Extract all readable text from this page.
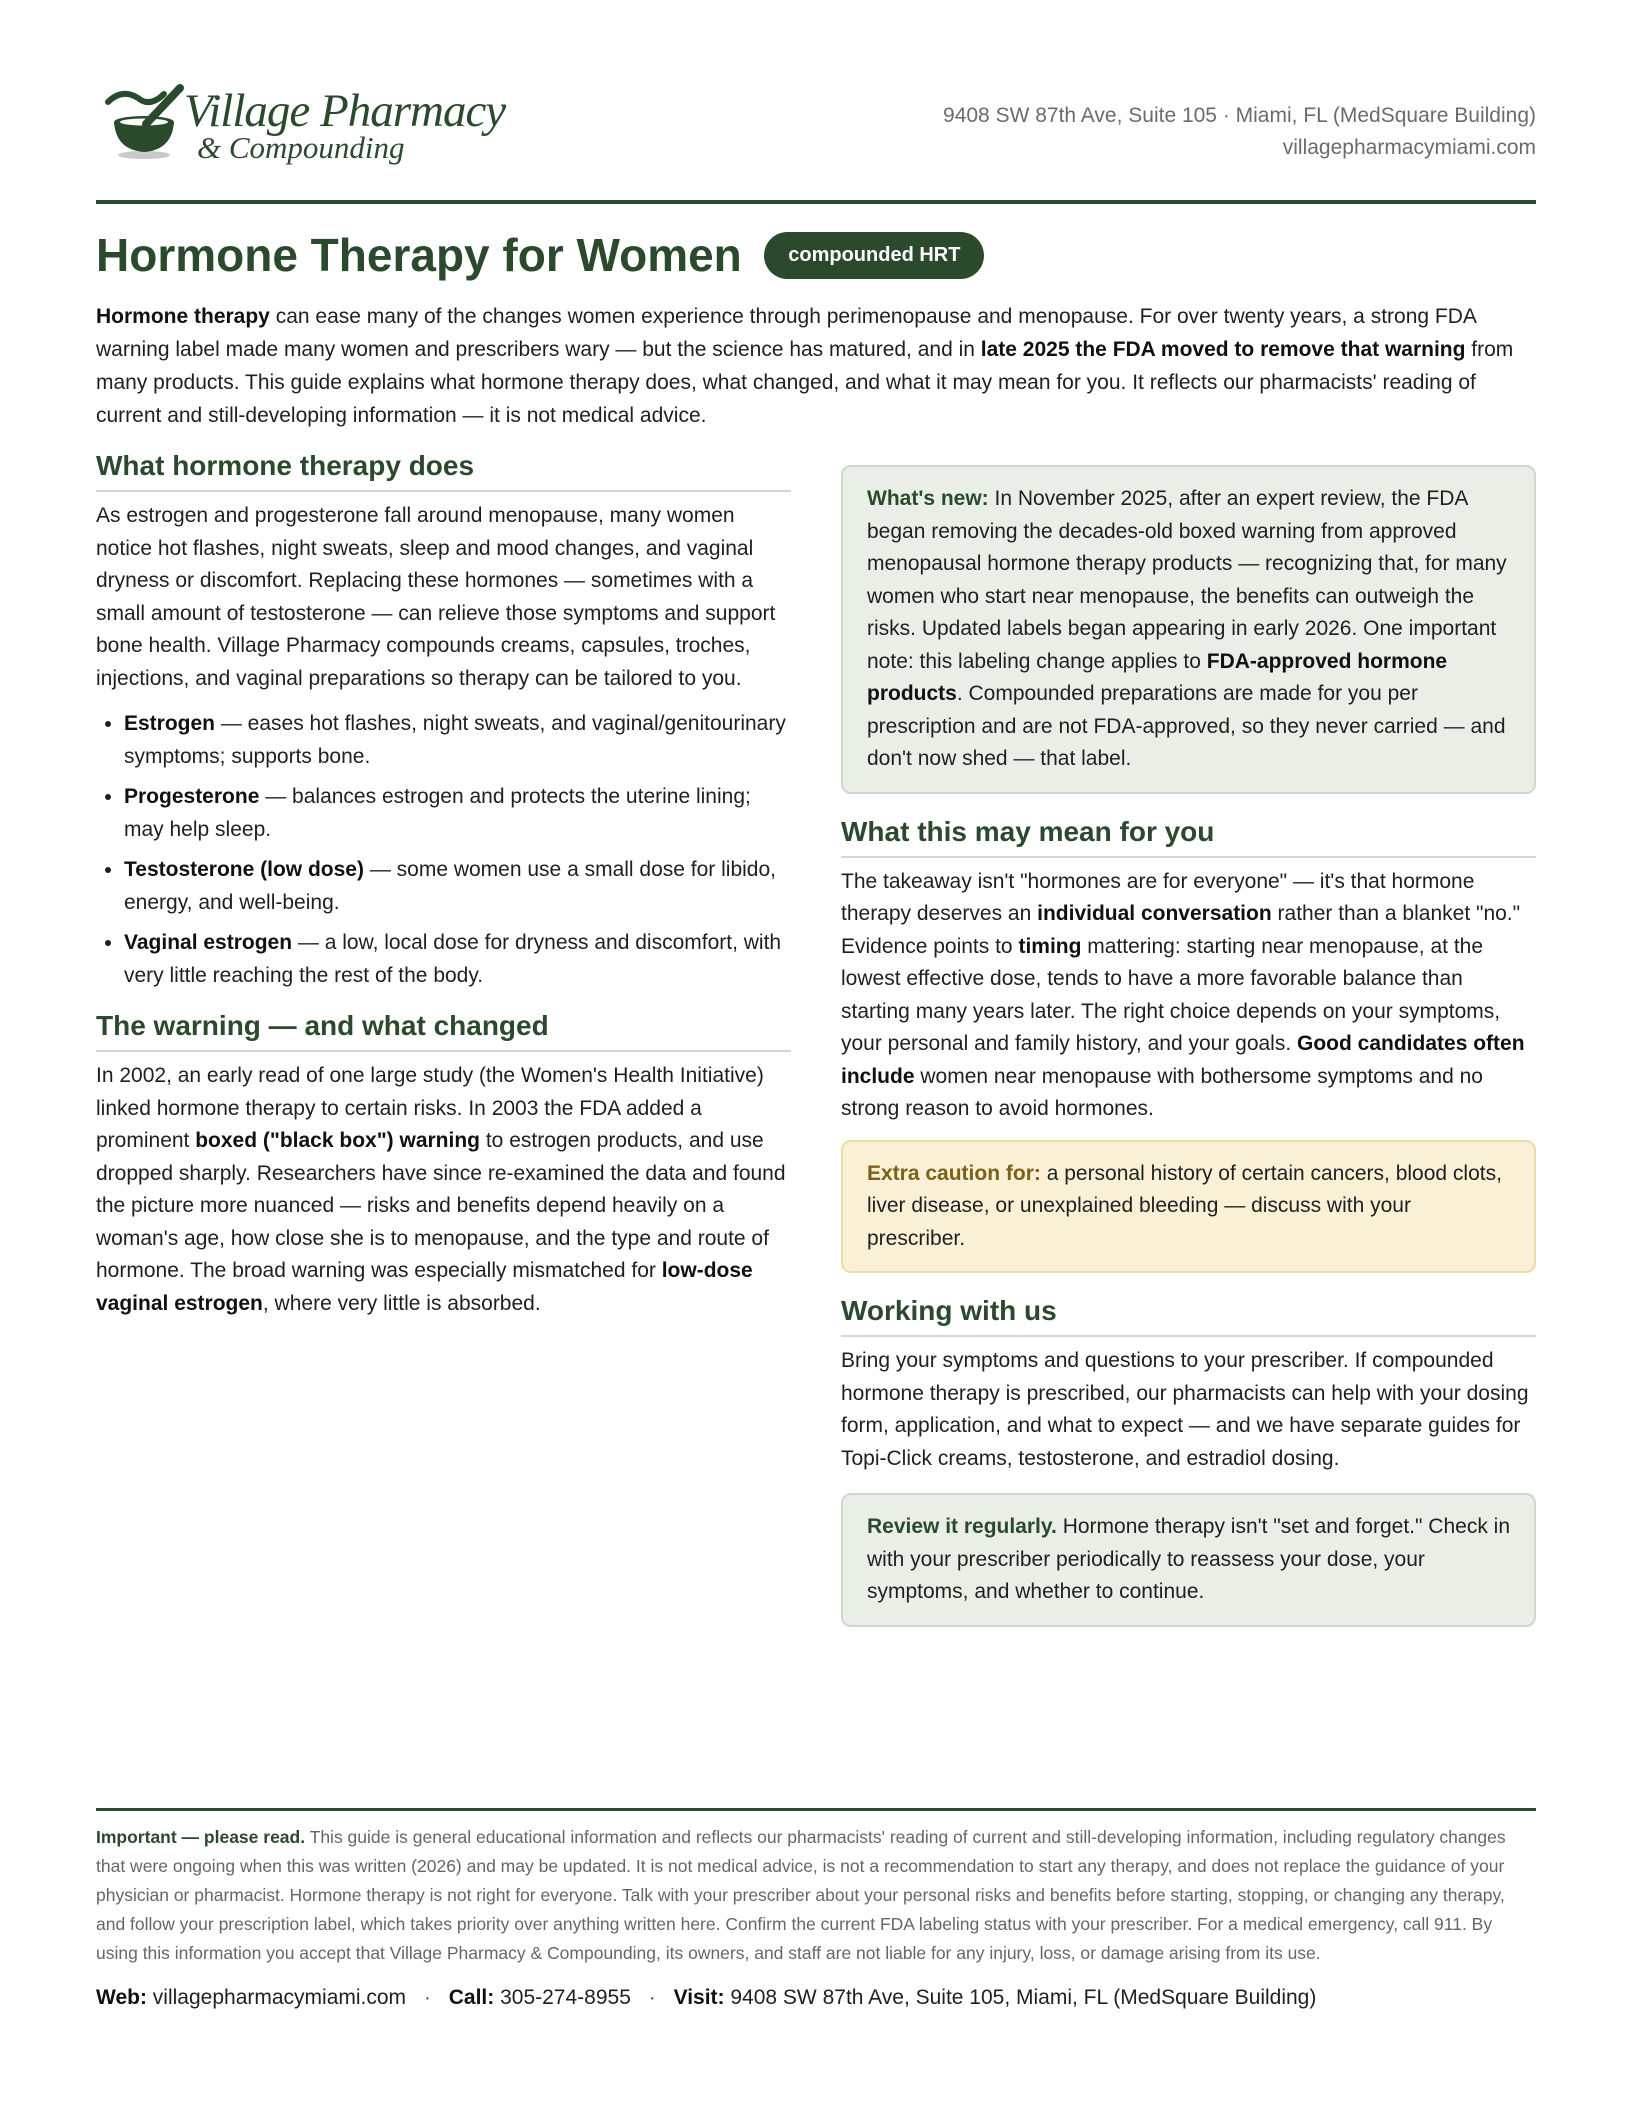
Village Pharmacy
& Compounding
9408 SW 87th Ave, Suite 105 · Miami, FL (MedSquare Building)
villagepharmacymiami.com
Hormone Therapy for Women compounded HRT

Hormone therapy can ease many of the changes women experience through perimenopause and menopause. For over twenty years, a strong FDA warning label made many women and prescribers wary — but the science has matured, and in late 2025 the FDA moved to remove that warning from many products. This guide explains what hormone therapy does, what changed, and what it may mean for you. It reflects our pharmacists' reading of current and still-developing information — it is not medical advice.

What hormone therapy does

As estrogen and progesterone fall around menopause, many women notice hot flashes, night sweats, sleep and mood changes, and vaginal dryness or discomfort. Replacing these hormones — sometimes with a small amount of testosterone — can relieve those symptoms and support bone health. Village Pharmacy compounds creams, capsules, troches, injections, and vaginal preparations so therapy can be tailored to you.

• Estrogen — eases hot flashes, night sweats, and vaginal/genitourinary symptoms; supports bone.
• Progesterone — balances estrogen and protects the uterine lining; may help sleep.
• Testosterone (low dose) — some women use a small dose for libido, energy, and well-being.
• Vaginal estrogen — a low, local dose for dryness and discomfort, with very little reaching the rest of the body.
The warning — and what changed

In 2002, an early read of one large study (the Women's Health Initiative) linked hormone therapy to certain risks. In 2003 the FDA added a prominent boxed ("black box") warning to estrogen products, and use dropped sharply. Researchers have since re-examined the data and found the picture more nuanced — risks and benefits depend heavily on a woman's age, how close she is to menopause, and the type and route of hormone. The broad warning was especially mismatched for low-dose vaginal estrogen, where very little is absorbed.

What's new: In November 2025, after an expert review, the FDA began removing the decades-old boxed warning from approved menopausal hormone therapy products — recognizing that, for many women who start near menopause, the benefits can outweigh the risks. Updated labels began appearing in early 2026. One important note: this labeling change applies to FDA-approved hormone products. Compounded preparations are made for you per prescription and are not FDA-approved, so they never carried — and don't now shed — that label.
What this may mean for you

The takeaway isn't "hormones are for everyone" — it's that hormone therapy deserves an individual conversation rather than a blanket "no." Evidence points to timing mattering: starting near menopause, at the lowest effective dose, tends to have a more favorable balance than starting many years later. The right choice depends on your symptoms, your personal and family history, and your goals. Good candidates often include women near menopause with bothersome symptoms and no strong reason to avoid hormones.

Extra caution for: a personal history of certain cancers, blood clots, liver disease, or unexplained bleeding — discuss with your prescriber.
Working with us

Bring your symptoms and questions to your prescriber. If compounded hormone therapy is prescribed, our pharmacists can help with your dosing form, application, and what to expect — and we have separate guides for Topi-Click creams, testosterone, and estradiol dosing.

Review it regularly. Hormone therapy isn't "set and forget." Check in with your prescriber periodically to reassess your dose, your symptoms, and whether to continue.
Important — please read. This guide is general educational information and reflects our pharmacists' reading of current and still-developing information, including regulatory changes that were ongoing when this was written (2026) and may be updated. It is not medical advice, is not a recommendation to start any therapy, and does not replace the guidance of your physician or pharmacist. Hormone therapy is not right for everyone. Talk with your prescriber about your personal risks and benefits before starting, stopping, or changing any therapy, and follow your prescription label, which takes priority over anything written here. Confirm the current FDA labeling status with your prescriber. For a medical emergency, call 911. By using this information you accept that Village Pharmacy & Compounding, its owners, and staff are not liable for any injury, loss, or damage arising from its use.
Web: villagepharmacymiami.com · Call: 305-274-8955 · Visit: 9408 SW 87th Ave, Suite 105, Miami, FL (MedSquare Building)
